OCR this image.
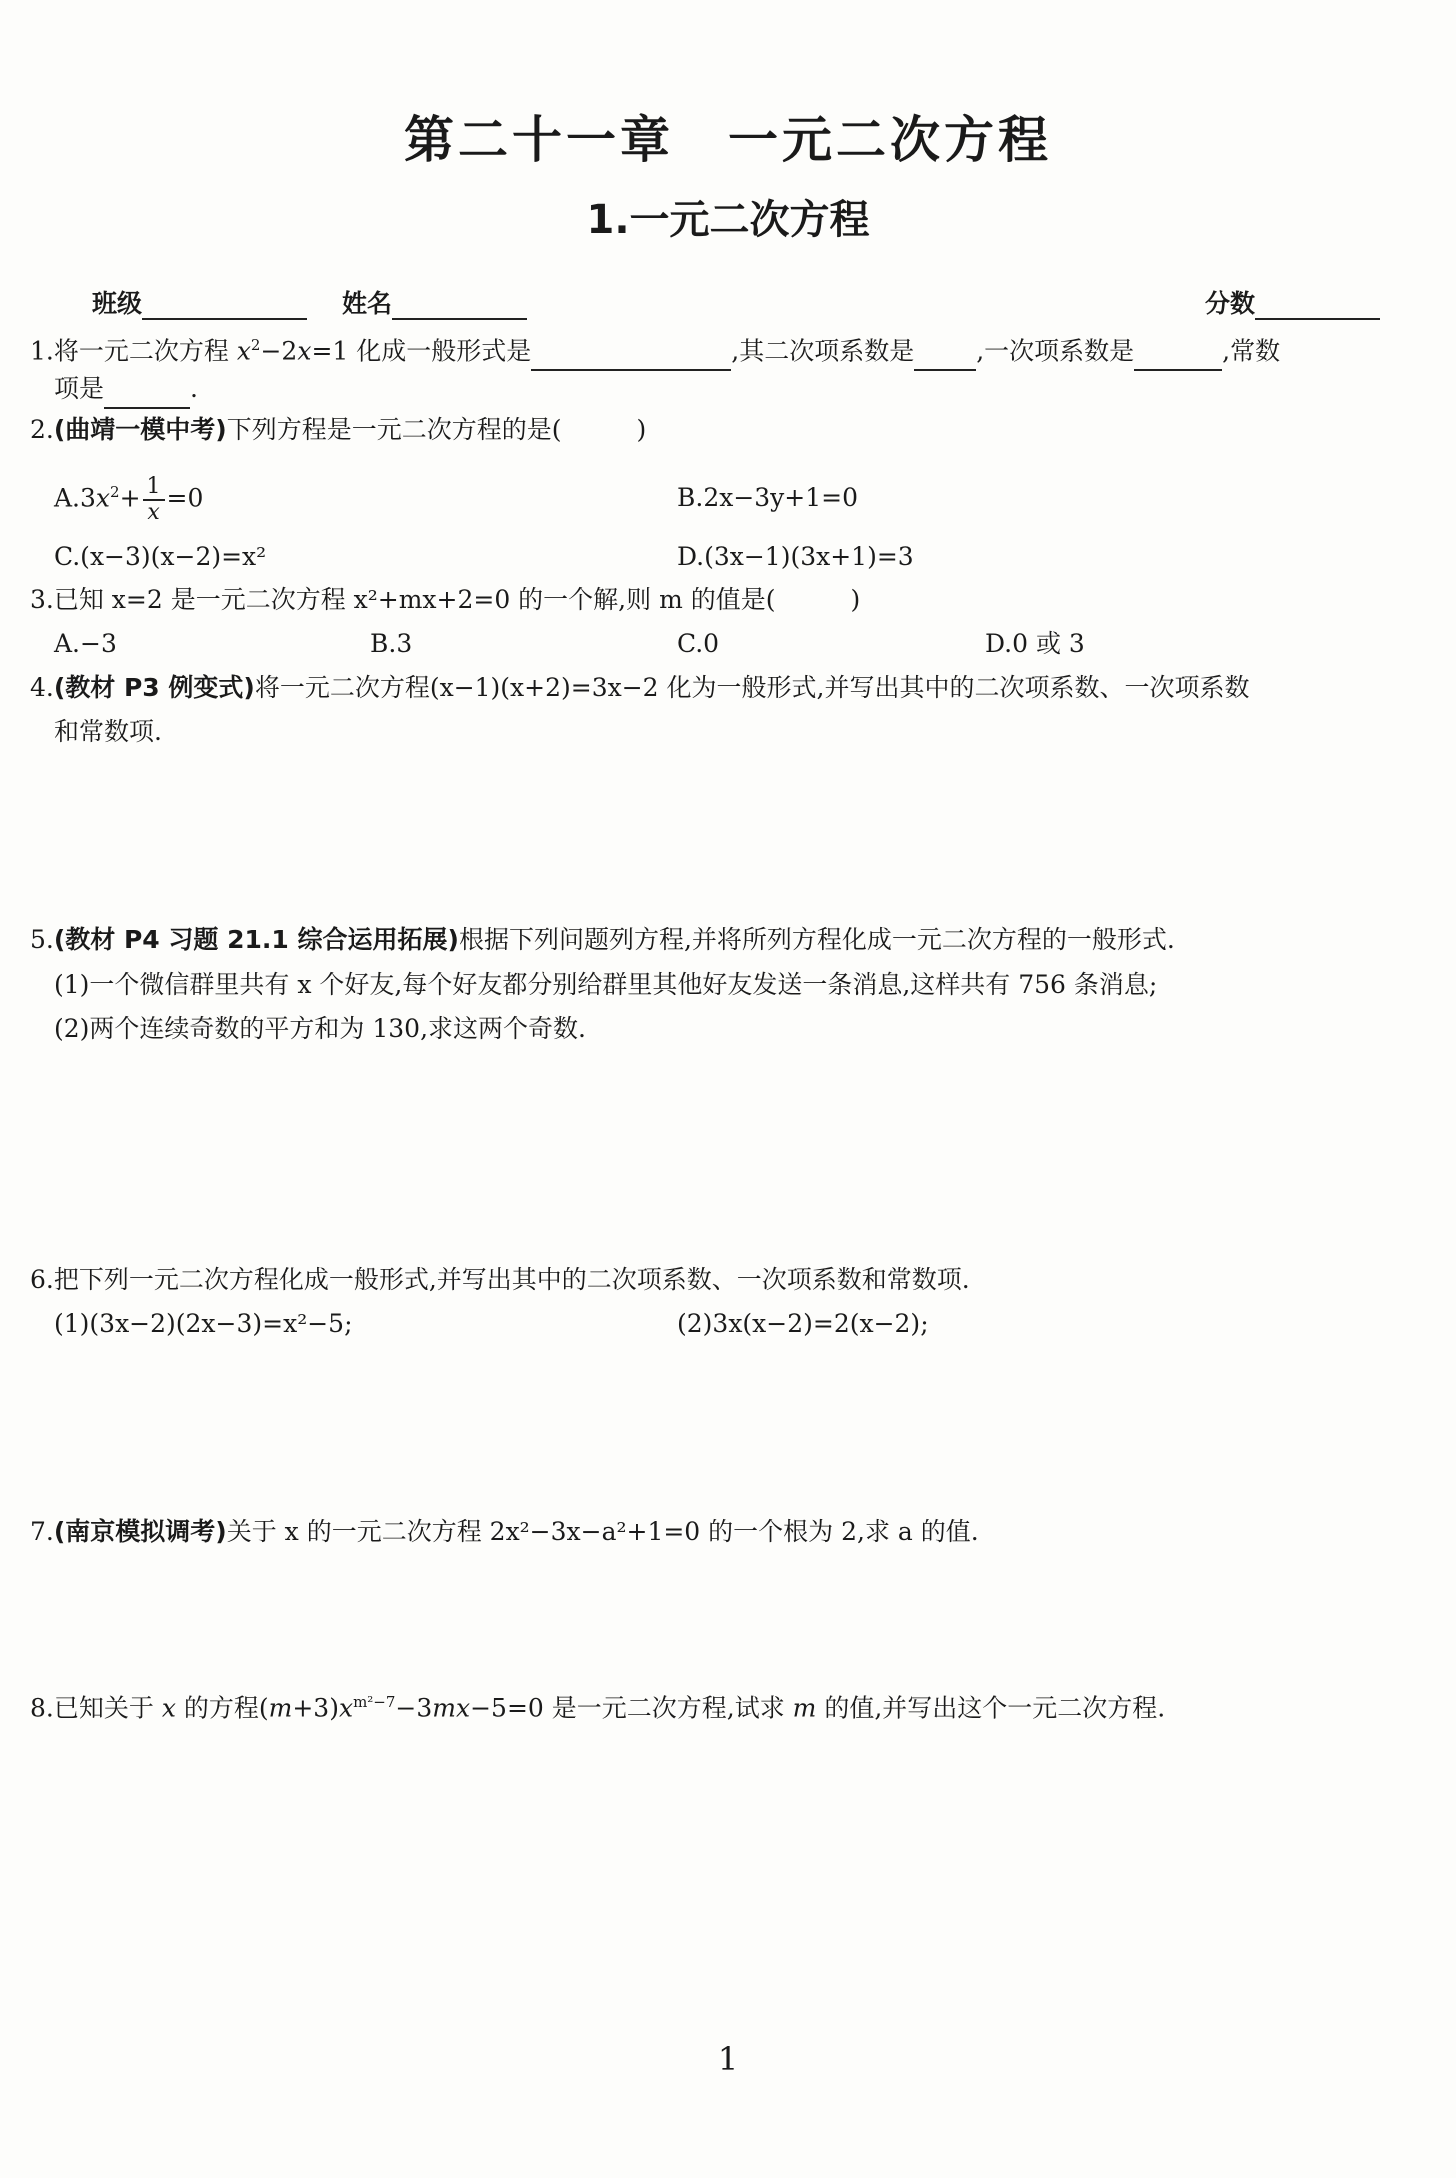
第二十一章　一元二次方程
1.一元二次方程
班级	姓名	分数
1.将一元二次方程 $x^2-2x=1$ 化成一般形式是	,其二次项系数是 ,一次项系数是	,常数
项是	.
2.(曲靖一模中考)下列方程是一元二次方程的是(　　　)
$A.3x^2+ \frac{1}{x} =0$	B.2x−3y+1=0
C.(x−3)(x−2)=x²	D.(3x−1)(3x+1)=3
3.已知 x=2 是一元二次方程 x²+mx+2=0 的一个解,则 m 的值是(　　　)
A.−3	B.3	C.0	D.0 或 3
4.(教材 P3 例变式)将一元二次方程(x−1)(x+2)=3x−2 化为一般形式,并写出其中的二次项系数、一次项系数
和常数项.
5.(教材 P4 习题 21.1 综合运用拓展)根据下列问题列方程,并将所列方程化成一元二次方程的一般形式.
(1)一个微信群里共有 x 个好友,每个好友都分别给群里其他好友发送一条消息,这样共有 756 条消息;
(2)两个连续奇数的平方和为 130,求这两个奇数.
6.把下列一元二次方程化成一般形式,并写出其中的二次项系数、一次项系数和常数项.
(1)(3x−2)(2x−3)=x²−5;	(2)3x(x−2)=2(x−2);
7.(南京模拟调考)关于 x 的一元二次方程 2x²−3x−a²+1=0 的一个根为 2,求 a 的值.
8.已知关于 x 的方程$(m+3)x^{m^2-7}-3mx-5=0$ 是一元二次方程,试求 m 的值,并写出这个一元二次方程.
1
